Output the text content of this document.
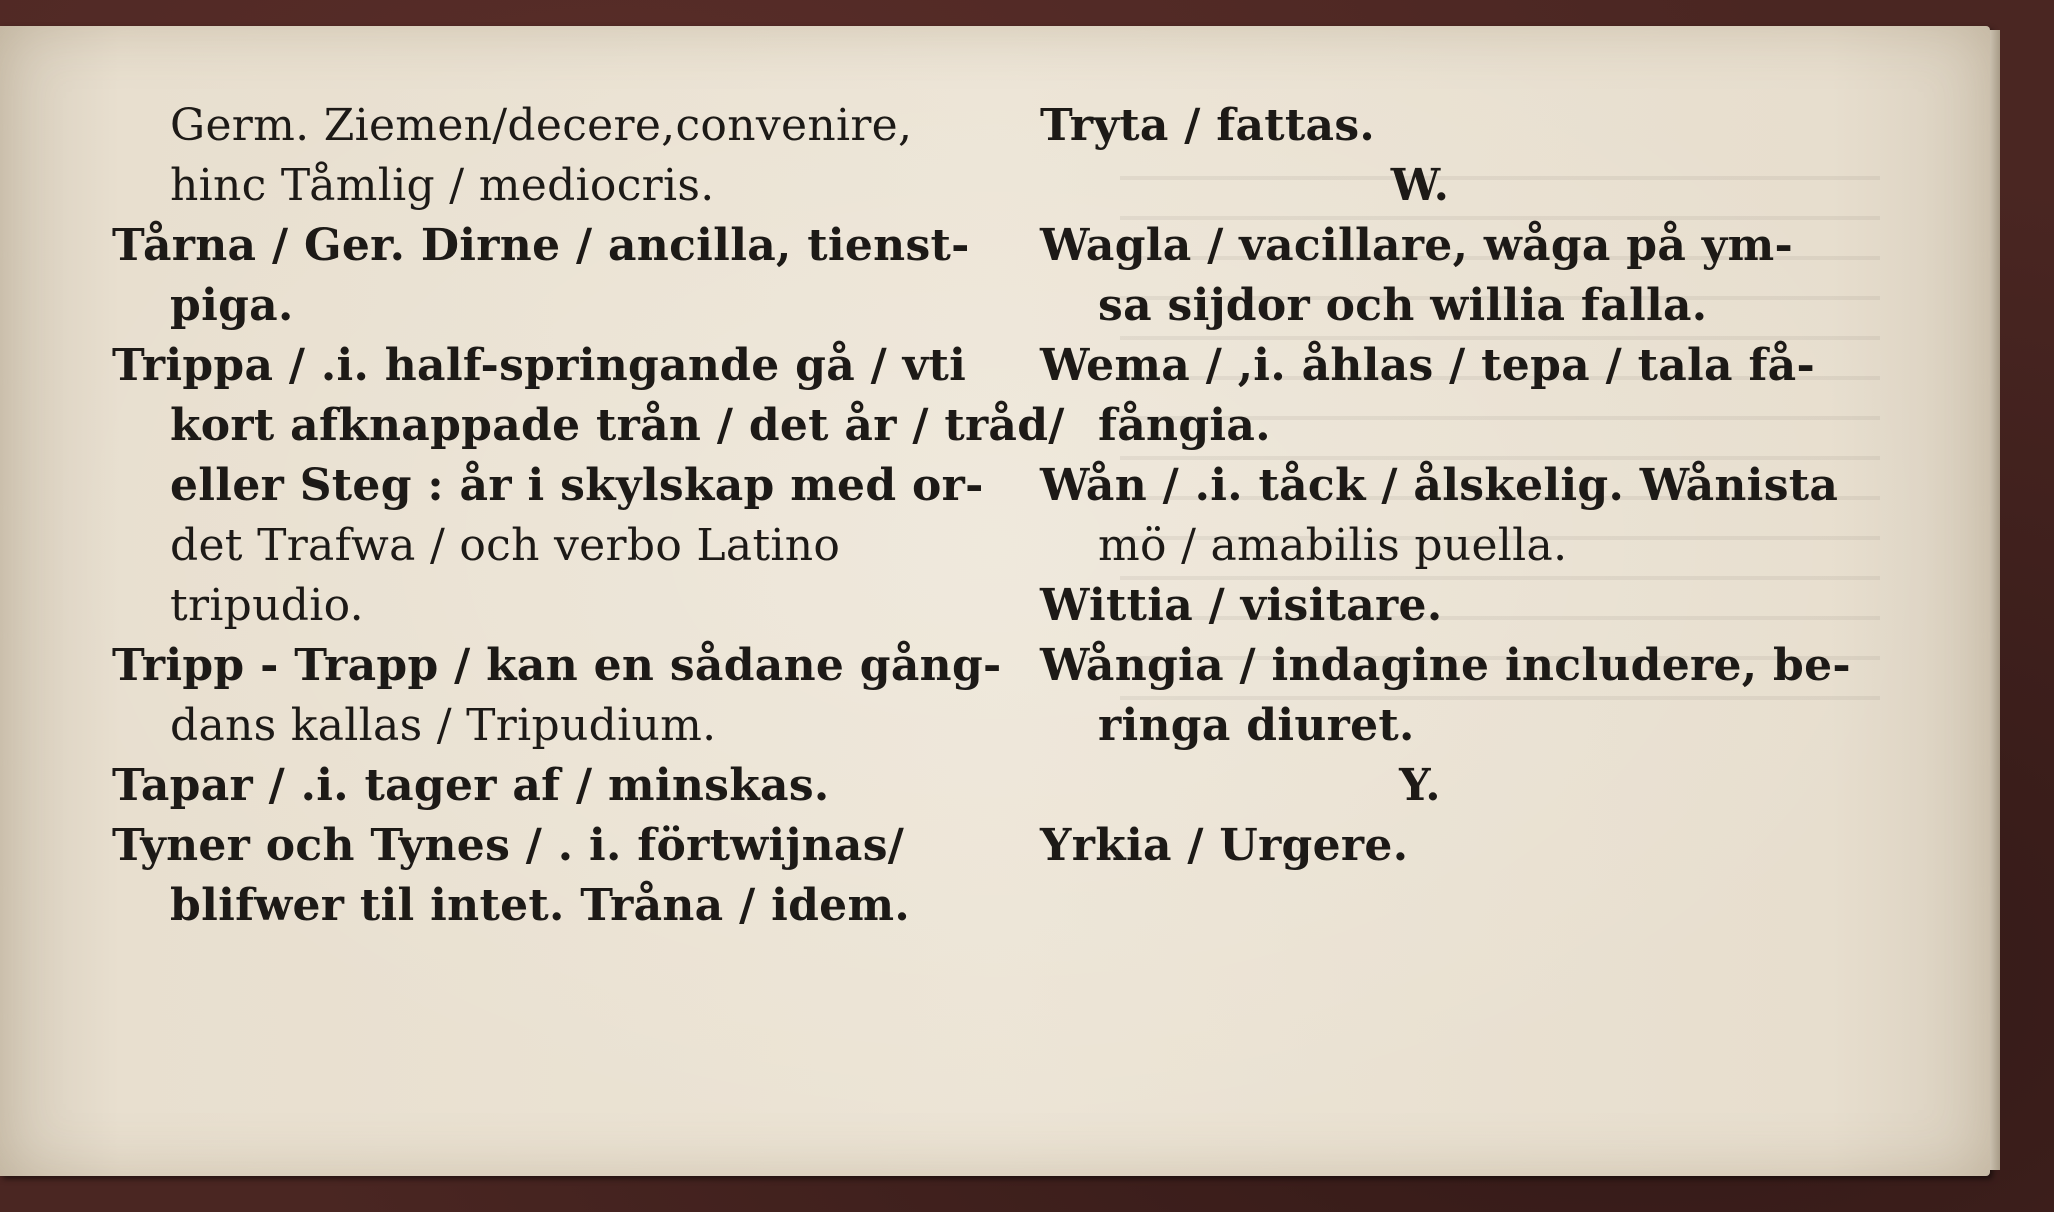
Germ. Ziemen/decere,convenire,
hinc Tåmlig / mediocris.
Tårna / Ger. Dirne / ancilla, tienst-
piga.
Trippa / .i. half-springande gå / vti
kort afknappade trån / det år / tråd/
eller Steg : år i skylskap med or-
det Trafwa / och verbo Latino
tripudio.
Tripp - Trapp / kan en sådane gång-
dans kallas / Tripudium.
Tapar / .i. tager af / minskas.
Tyner och Tynes / . i. förtwijnas/
blifwer til intet. Tråna / idem.
Tryta / fattas.
W.
Wagla / vacillare, wåga på ym-
sa sijdor och willia falla.
Wema / ,i. åhlas / tepa / tala få-
fångia.
Wån / .i. tåck / ålskelig. Wånista
mö / amabilis puella.
Wittia / visitare.
Wångia / indagine includere, be-
ringa diuret.
Y.
Yrkia / Urgere.
